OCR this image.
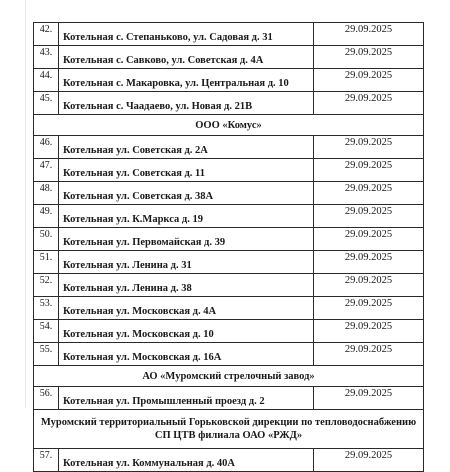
42.	Котельная с. Степаньково, ул. Садовая д. 31	29.09.2025
43.	Котельная с. Савково, ул. Советская д. 4А	29.09.2025
44.	Котельная с. Макаровка, ул. Центральная д. 10	29.09.2025
45.	Котельная с. Чаадаево, ул. Новая д. 21В	29.09.2025
ООО «Комус»		
46.	Котельная ул. Советская д. 2А	29.09.2025
47.	Котельная ул. Советская д. 11	29.09.2025
48.	Котельная ул. Советская д. 38А	29.09.2025
49.	Котельная ул. К.Маркса д. 19	29.09.2025
50.	Котельная ул. Первомайская д. 39	29.09.2025
51.	Котельная ул. Ленина д. 31	29.09.2025
52.	Котельная ул. Ленина д. 38	29.09.2025
53.	Котельная ул. Московская д. 4А	29.09.2025
54.	Котельная ул. Московская д. 10	29.09.2025
55.	Котельная ул. Московская д. 16А	29.09.2025
АО «Муромский стрелочный завод»		
56.	Котельная ул. Промышленный проезд д. 2	29.09.2025
Муромский территориальный Горьковской дирекции по тепловодоснабжению СП ЦТВ филиала ОАО «РЖД»		
57.	Котельная ул. Коммунальная д. 40А	29.09.2025
